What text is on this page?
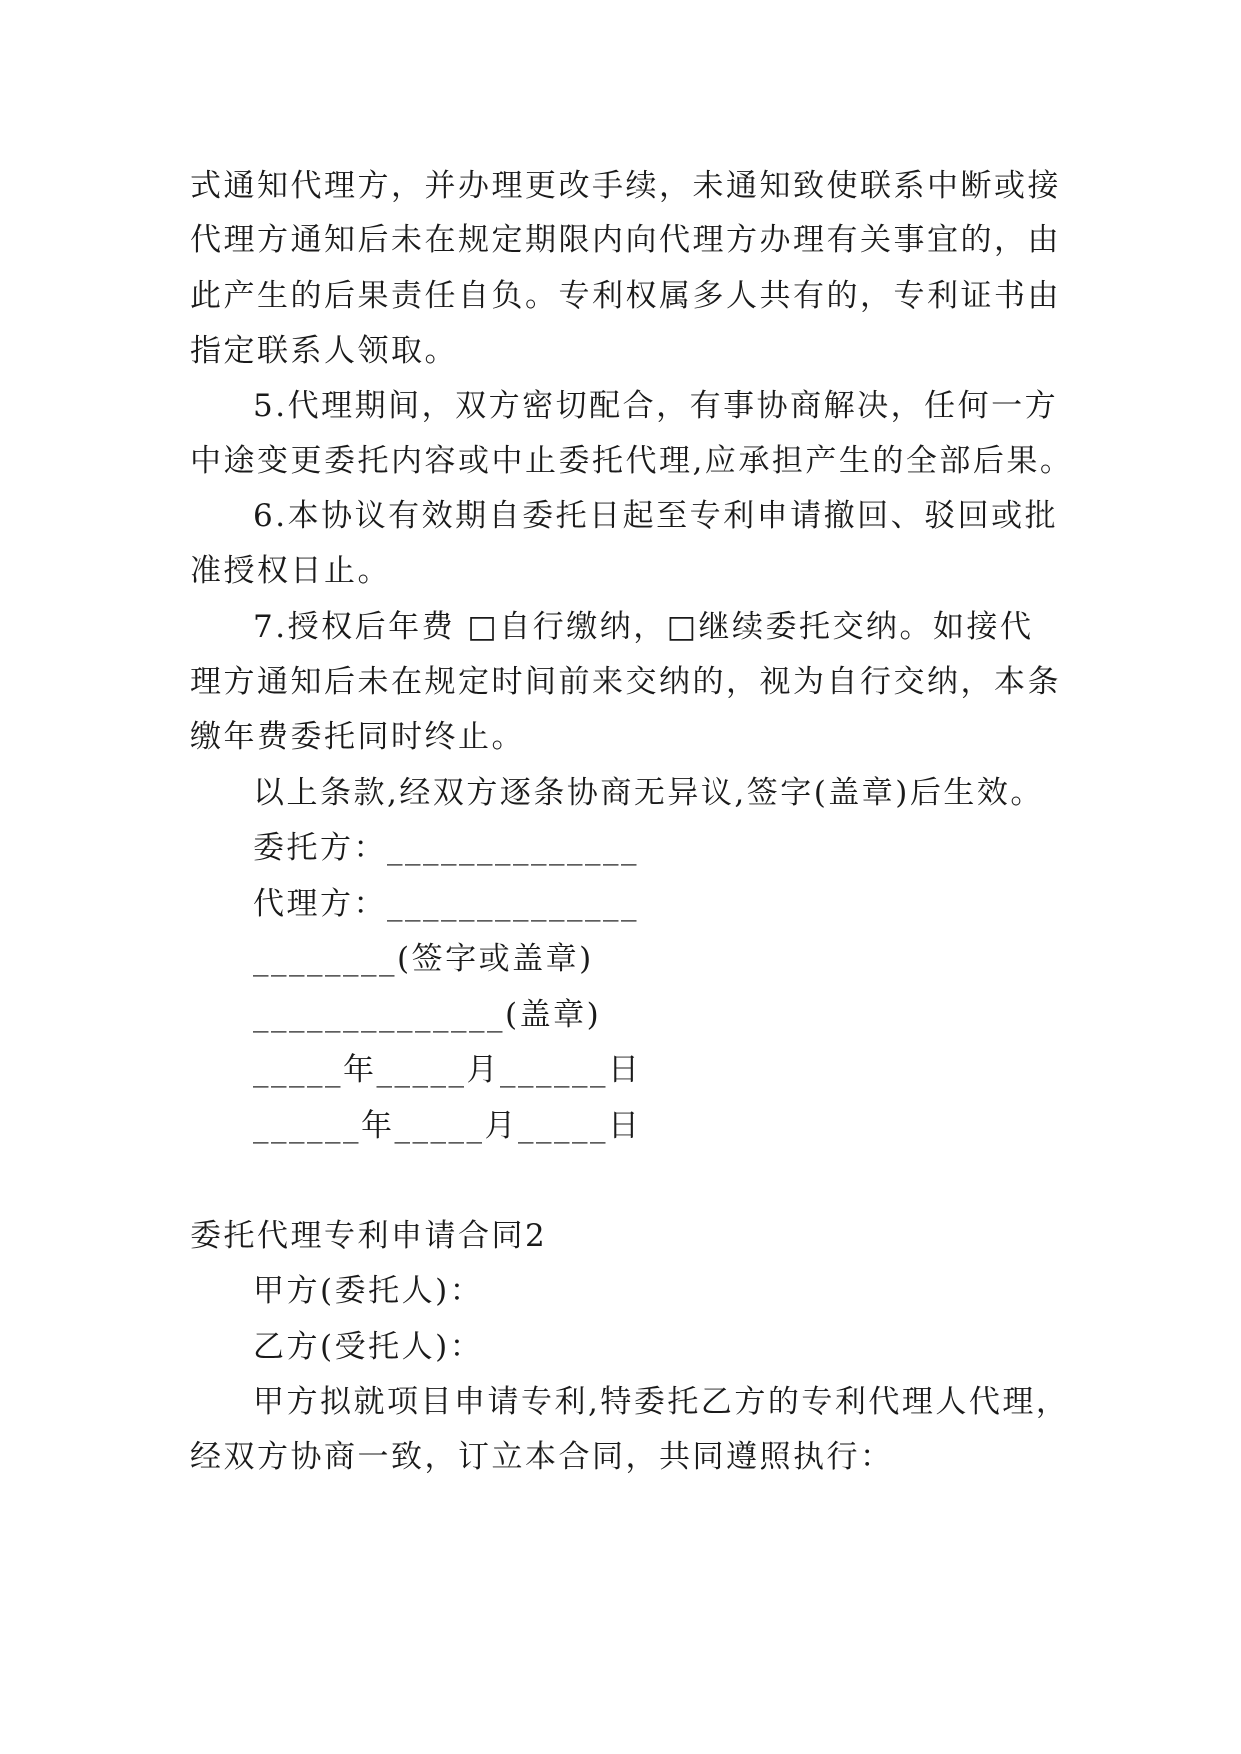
式通知代理方，并办理更改手续，未通知致使联系中断或接
代理方通知后未在规定期限内向代理方办理有关事宜的，由
此产生的后果责任自负。专利权属多人共有的，专利证书由
指定联系人领取。
5.代理期间，双方密切配合，有事协商解决，任何一方
中途变更委托内容或中止委托代理,应承担产生的全部后果。
6.本协议有效期自委托日起至专利申请撤回、驳回或批
准授权日止。
7.授权后年费 □自行缴纳，□继续委托交纳。如接代
理方通知后未在规定时间前来交纳的，视为自行交纳，本条
缴年费委托同时终止。
以上条款,经双方逐条协商无异议,签字(盖章)后生效。
委托方：______________
代理方：______________
________(签字或盖章)
______________(盖章)
_____年_____月______日
______年_____月_____日
委托代理专利申请合同2
甲方(委托人)：
乙方(受托人)：
甲方拟就项目申请专利,特委托乙方的专利代理人代理，
经双方协商一致，订立本合同，共同遵照执行：
